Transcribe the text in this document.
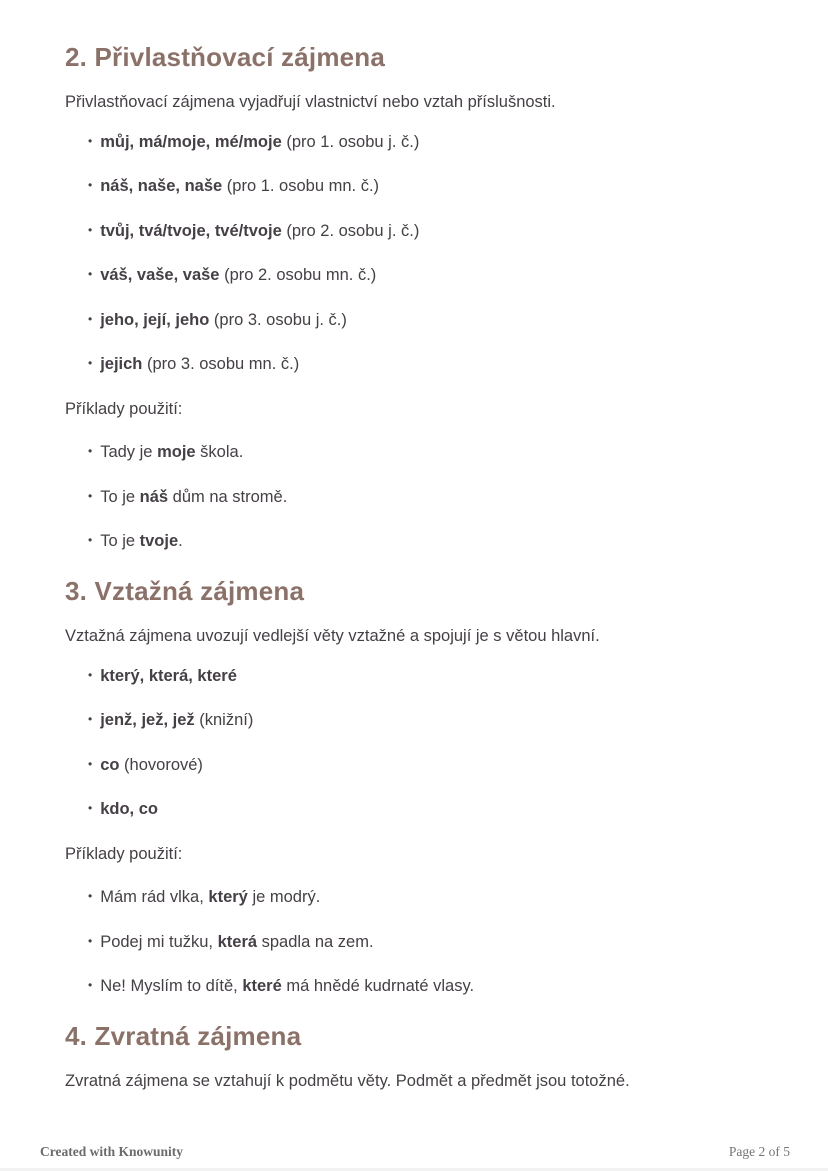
2. Přivlastňovací zájmena

Přivlastňovací zájmena vyjadřují vlastnictví nebo vztah příslušnosti.

• můj, má/moje, mé/moje (pro 1. osobu j. č.)
• náš, naše, naše (pro 1. osobu mn. č.)
• tvůj, tvá/tvoje, tvé/tvoje (pro 2. osobu j. č.)
• váš, vaše, vaše (pro 2. osobu mn. č.)
• jeho, její, jeho (pro 3. osobu j. č.)
• jejich (pro 3. osobu mn. č.)

Příklady použití:

• Tady je moje škola.
• To je náš dům na stromě.
• To je tvoje.
3. Vztažná zájmena

Vztažná zájmena uvozují vedlejší věty vztažné a spojují je s větou hlavní.

• který, která, které
• jenž, jež, jež (knižní)
• co (hovorové)
• kdo, co

Příklady použití:

• Mám rád vlka, který je modrý.
• Podej mi tužku, která spadla na zem.
• Ne! Myslím to dítě, které má hnědé kudrnaté vlasy.
4. Zvratná zájmena

Zvratná zájmena se vztahují k podmětu věty. Podmět a předmět jsou totožné.

Created with Knowunity	Page 2 of 5
